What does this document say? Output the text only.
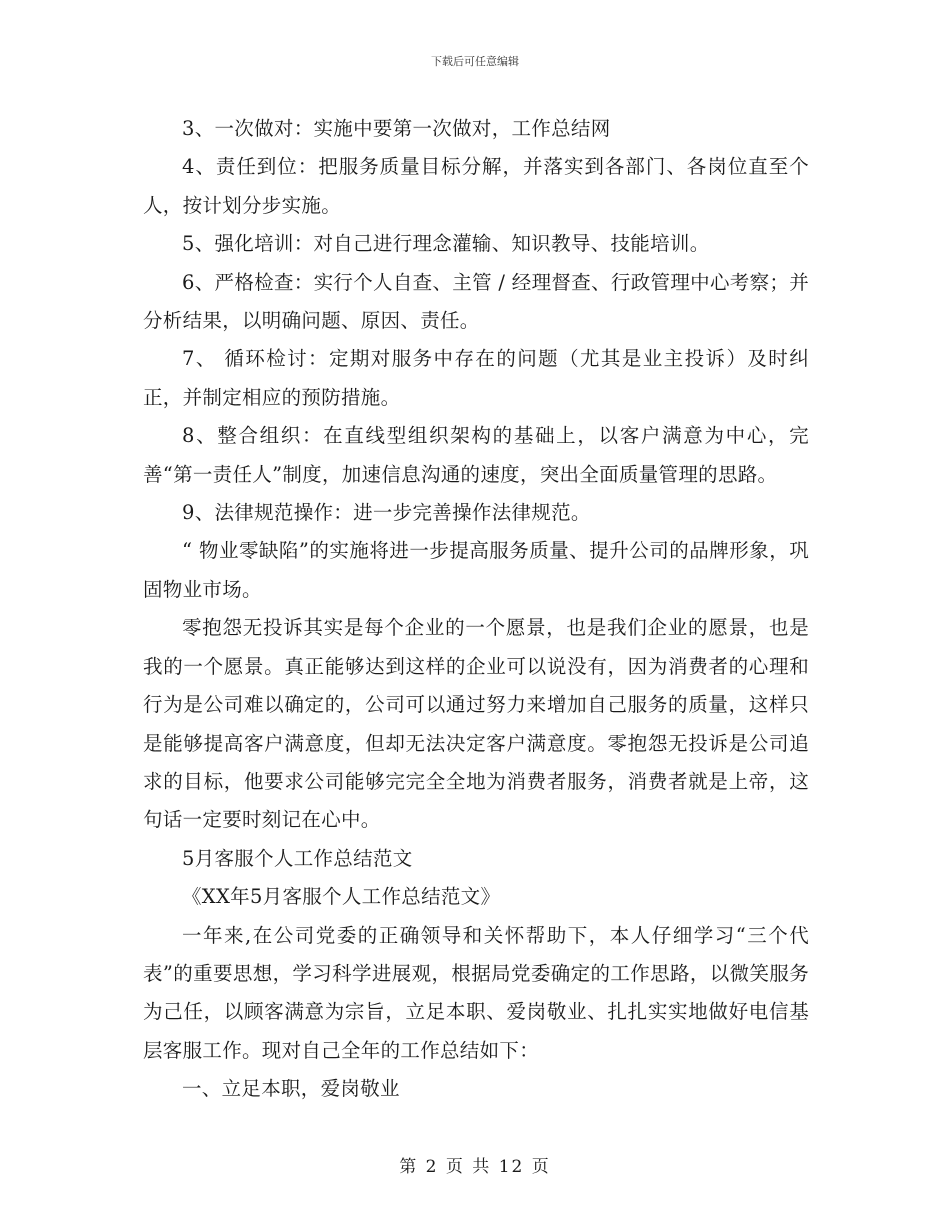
下载后可任意编辑

3、一次做对：实施中要第一次做对，工作总结网

4、责任到位：把服务质量目标分解，并落实到各部门、各岗位直至个人，按计划分步实施。

5、强化培训：对自己进行理念灌输、知识教导、技能培训。

6、严格检查：实行个人自查、主管 / 经理督查、行政管理中心考察；并分析结果，以明确问题、原因、责任。

7、 循环检讨：定期对服务中存在的问题（尤其是业主投诉）及时纠正，并制定相应的预防措施。

8、整合组织：在直线型组织架构的基础上，以客户满意为中心，完善“第一责任人”制度，加速信息沟通的速度，突出全面质量管理的思路。

9、法律规范操作：进一步完善操作法律规范。

“ 物业零缺陷”的实施将进一步提高服务质量、提升公司的品牌形象，巩固物业市场。

零抱怨无投诉其实是每个企业的一个愿景，也是我们企业的愿景，也是我的一个愿景。真正能够达到这样的企业可以说没有，因为消费者的心理和行为是公司难以确定的，公司可以通过努力来增加自己服务的质量，这样只是能够提高客户满意度，但却无法决定客户满意度。零抱怨无投诉是公司追求的目标，他要求公司能够完完全全地为消费者服务，消费者就是上帝，这句话一定要时刻记在心中。

5月客服个人工作总结范文

《XX年5月客服个人工作总结范文》

一年来,在公司党委的正确领导和关怀帮助下，本人仔细学习“三个代表”的重要思想，学习科学进展观，根据局党委确定的工作思路，以微笑服务为己任，以顾客满意为宗旨，立足本职、爱岗敬业、扎扎实实地做好电信基层客服工作。现对自己全年的工作总结如下：

一、立足本职，爱岗敬业

第 2 页 共 12 页
